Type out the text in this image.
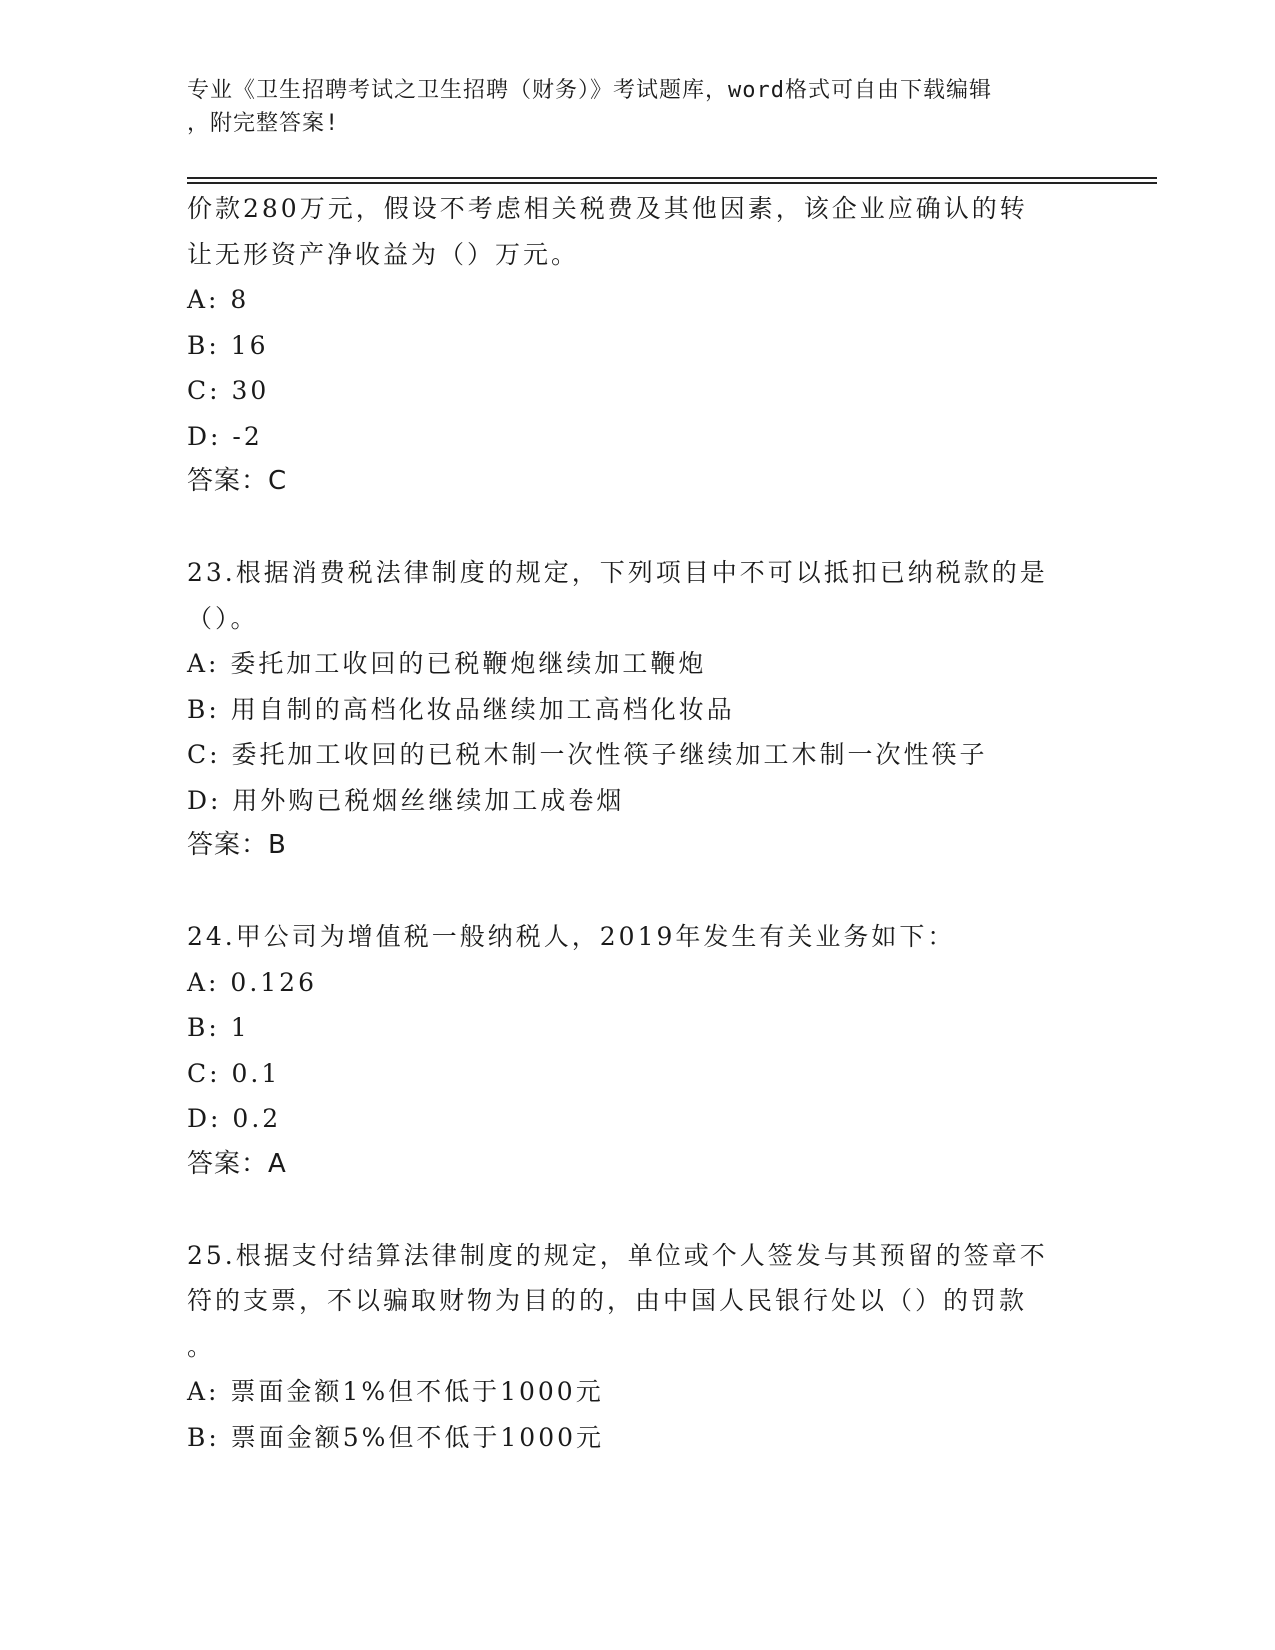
专业《卫生招聘考试之卫生招聘（财务）》考试题库，word格式可自由下载编辑
，附完整答案!
价款280万元，假设不考虑相关税费及其他因素，该企业应确认的转
让无形资产净收益为（）万元。
A: 8
B: 16
C: 30
D: -2
答案：C
23.根据消费税法律制度的规定，下列项目中不可以抵扣已纳税款的是
（）。
A: 委托加工收回的已税鞭炮继续加工鞭炮
B: 用自制的高档化妆品继续加工高档化妆品
C: 委托加工收回的已税木制一次性筷子继续加工木制一次性筷子
D: 用外购已税烟丝继续加工成卷烟
答案：B
24.甲公司为增值税一般纳税人，2019年发生有关业务如下：
A: 0.126
B: 1
C: 0.1
D: 0.2
答案：A
25.根据支付结算法律制度的规定，单位或个人签发与其预留的签章不
符的支票，不以骗取财物为目的的，由中国人民银行处以（）的罚款
。
A: 票面金额1%但不低于1000元
B: 票面金额5%但不低于1000元
